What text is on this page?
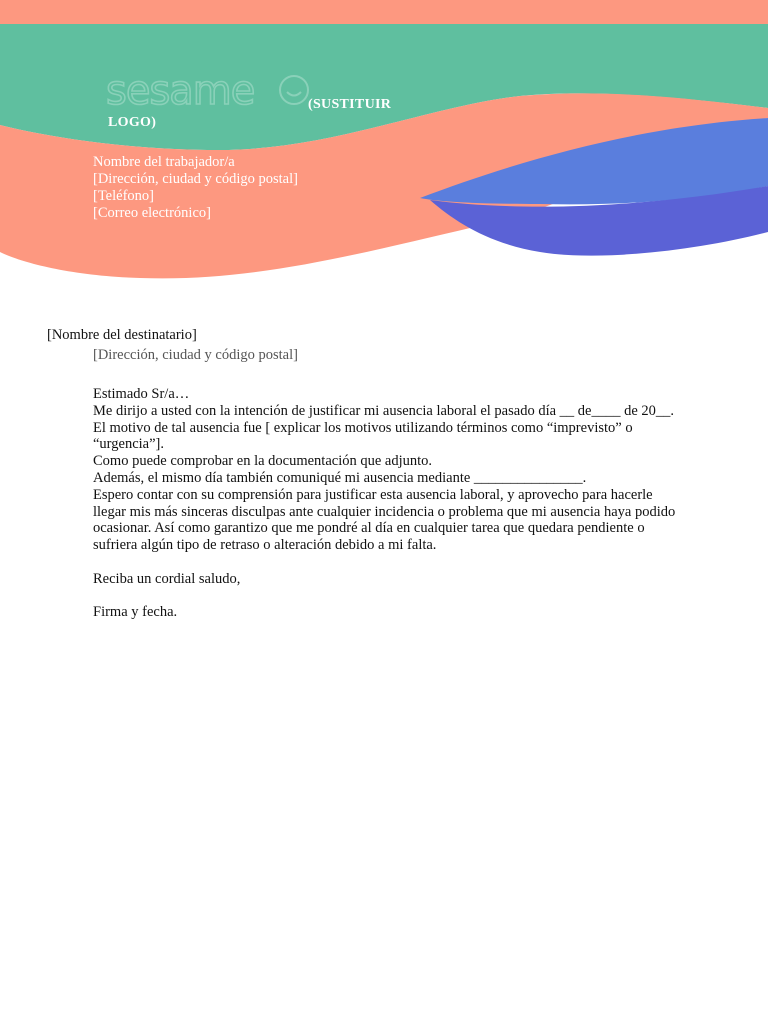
sesame	(SUSTITUIR
LOGO)
Nombre del trabajador/a
[Dirección, ciudad y código postal]
[Teléfono]
[Correo electrónico]
[Nombre del destinatario]
[Dirección, ciudad y código postal]

Estimado Sr/a…

Me dirijo a usted con la intención de justificar mi ausencia laboral el pasado día __ de____ de 20__. El motivo de tal ausencia fue [ explicar los motivos utilizando términos como “imprevisto” o “urgencia”].

Como puede comprobar en la documentación que adjunto.

Además, el mismo día también comuniqué mi ausencia mediante _______________.

Espero contar con su comprensión para justificar esta ausencia laboral, y aprovecho para hacerle llegar mis más sinceras disculpas ante cualquier incidencia o problema que mi ausencia haya podido ocasionar. Así como garantizo que me pondré al día en cualquier tarea que quedara pendiente o sufriera algún tipo de retraso o alteración debido a mi falta.

Reciba un cordial saludo,

Firma y fecha.
